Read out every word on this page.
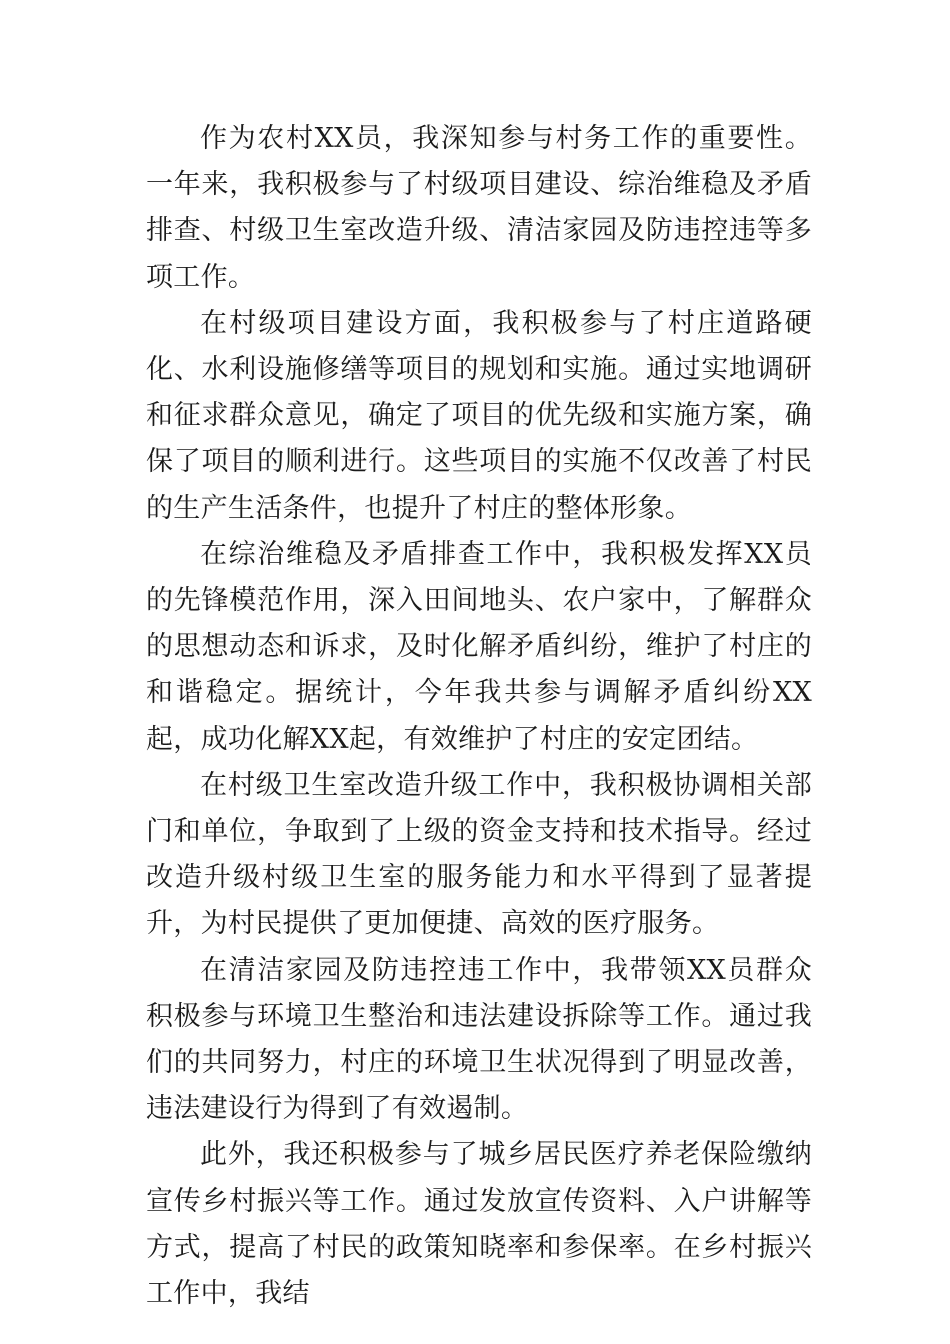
作为农村XX员，我深知参与村务工作的重要性。一年来，我积极参与了村级项目建设、综治维稳及矛盾排查、村级卫生室改造升级、清洁家园及防违控违等多项工作。

在村级项目建设方面，我积极参与了村庄道路硬化、水利设施修缮等项目的规划和实施。通过实地调研和征求群众意见，确定了项目的优先级和实施方案，确保了项目的顺利进行。这些项目的实施不仅改善了村民的生产生活条件，也提升了村庄的整体形象。

在综治维稳及矛盾排查工作中，我积极发挥XX员的先锋模范作用，深入田间地头、农户家中，了解群众的思想动态和诉求，及时化解矛盾纠纷，维护了村庄的和谐稳定。据统计，今年我共参与调解矛盾纠纷XX起，成功化解XX起，有效维护了村庄的安定团结。

在村级卫生室改造升级工作中，我积极协调相关部门和单位，争取到了上级的资金支持和技术指导。经过改造升级村级卫生室的服务能力和水平得到了显著提升，为村民提供了更加便捷、高效的医疗服务。

在清洁家园及防违控违工作中，我带领XX员群众积极参与环境卫生整治和违法建设拆除等工作。通过我们的共同努力，村庄的环境卫生状况得到了明显改善，违法建设行为得到了有效遏制。

此外，我还积极参与了城乡居民医疗养老保险缴纳宣传乡村振兴等工作。通过发放宣传资料、入户讲解等方式，提高了村民的政策知晓率和参保率。在乡村振兴工作中，我结
